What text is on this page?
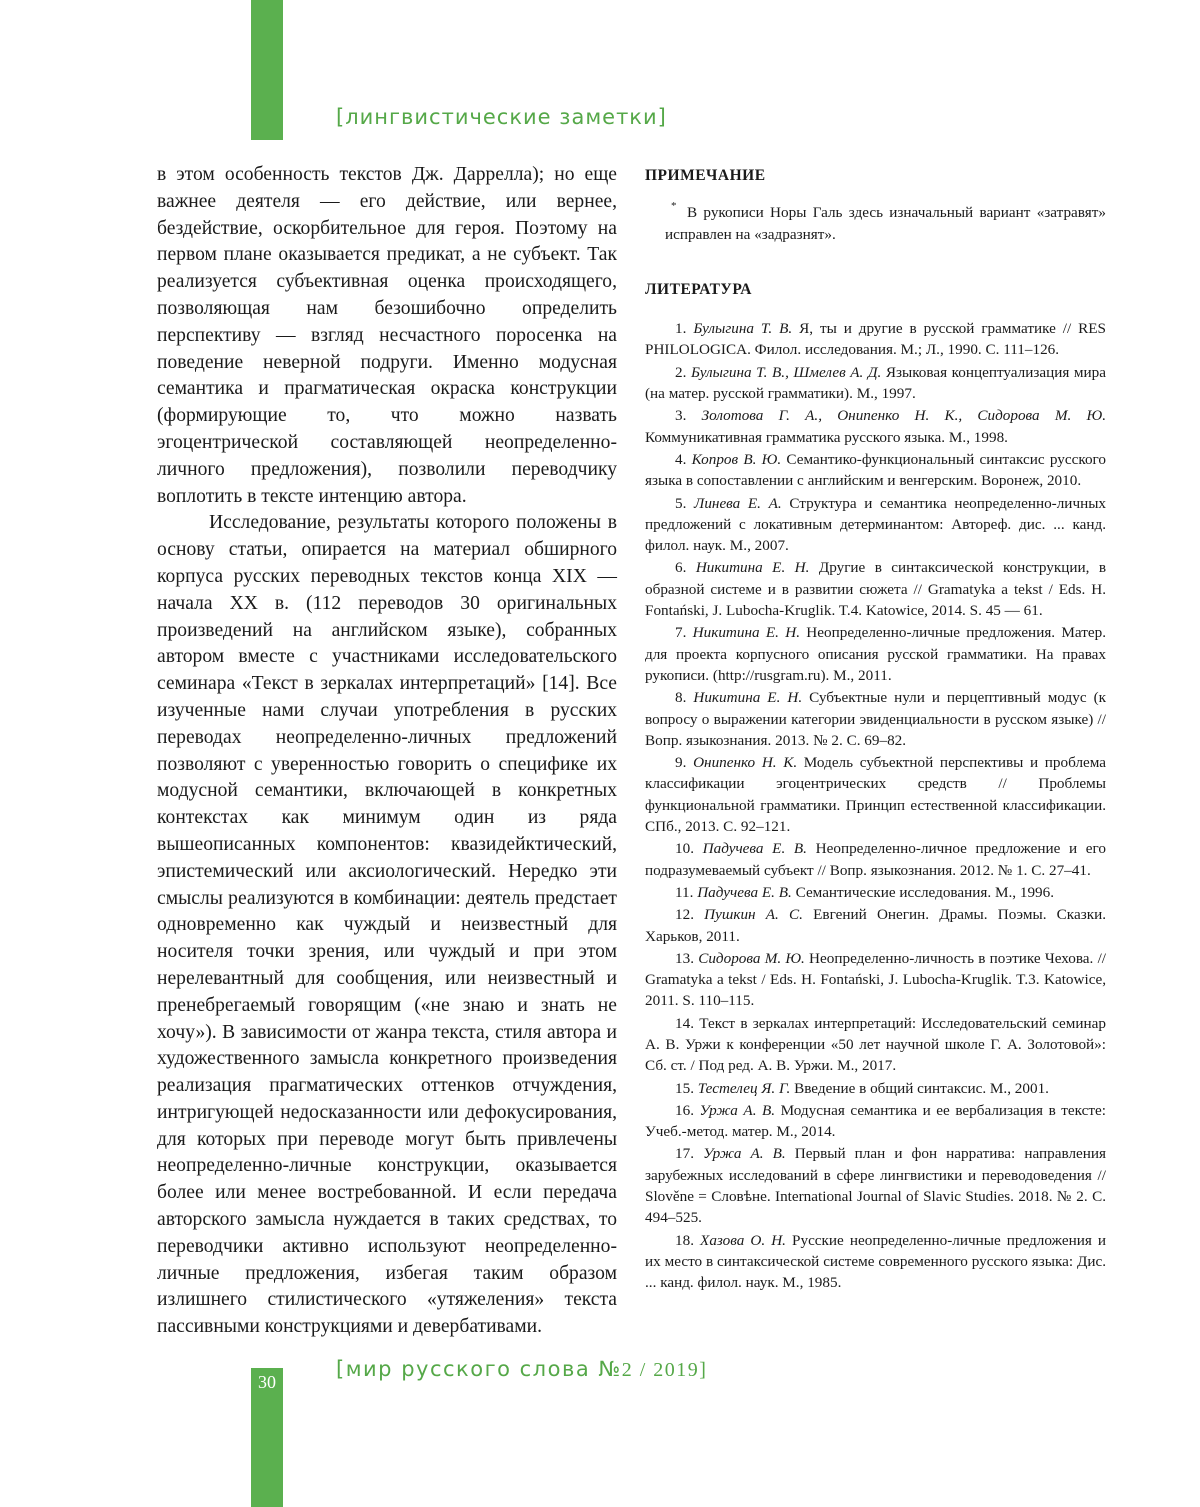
[лингвистические заметки]

в этом особенность текстов Дж. Даррелла); но еще важнее деятеля — его действие, или вернее, бездействие, оскорбительное для героя. Поэтому на первом плане оказывается предикат, а не субъект. Так реализуется субъективная оценка происходящего, позволяющая нам безошибочно определить перспективу — взгляд несчастного поросенка на поведение неверной подруги. Именно модусная семантика и прагматическая окраска конструкции (формирующие то, что можно назвать эгоцентрической составляющей неопределенно-личного предложения), позволили переводчику воплотить в тексте интенцию автора.

Исследование, результаты которого положены в основу статьи, опирается на материал обширного корпуса русских переводных текстов конца XIX — начала XX в. (112 переводов 30 оригинальных произведений на английском языке), собранных автором вместе с участниками исследовательского семинара «Текст в зеркалах интерпретаций» [14]. Все изученные нами случаи употребления в русских переводах неопределенно-личных предложений позволяют с уверенностью говорить о специфике их модусной семантики, включающей в конкретных контекстах как минимум один из ряда вышеописанных компонентов: квазидейктический, эпистемический или аксиологический. Нередко эти смыслы реализуются в комбинации: деятель предстает одновременно как чуждый и неизвестный для носителя точки зрения, или чуждый и при этом нерелевантный для сообщения, или неизвестный и пренебрегаемый говорящим («не знаю и знать не хочу»). В зависимости от жанра текста, стиля автора и художественного замысла конкретного произведения реализация прагматических оттенков отчуждения, интригующей недосказанности или дефокусирования, для которых при переводе могут быть привлечены неопределенно-личные конструкции, оказывается более или менее востребованной. И если передача авторского замысла нуждается в таких средствах, то переводчики активно используют неопределенно-личные предложения, избегая таким образом излишнего стилистического «утяжеления» текста пассивными конструкциями и девербативами.

ПРИМЕЧАНИЕ
* В рукописи Норы Галь здесь изначальный вариант «затравят» исправлен на «задразнят».
ЛИТЕРАТУРА

1. Булыгина Т. В. Я, ты и другие в русской грамматике // RES PHILOLOGICA. Филол. исследования. М.; Л., 1990. С. 111–126.

2. Булыгина Т. В., Шмелев А. Д. Языковая концептуализация мира (на матер. русской грамматики). М., 1997.

3. Золотова Г. А., Онипенко Н. К., Сидорова М. Ю. Коммуникативная грамматика русского языка. М., 1998.

4. Копров В. Ю. Семантико-функциональный синтаксис русского языка в сопоставлении с английским и венгерским. Воронеж, 2010.

5. Линева Е. А. Структура и семантика неопределенно-личных предложений с локативным детерминантом: Автореф. дис. ... канд. филол. наук. М., 2007.

6. Никитина Е. Н. Другие в синтаксической конструкции, в образной системе и в развитии сюжета // Gramatyka a tekst / Eds. H. Fontański, J. Lubocha-Kruglik. T.4. Katowice, 2014. S. 45 — 61.

7. Никитина Е. Н. Неопределенно-личные предложения. Матер. для проекта корпусного описания русской грамматики. На правах рукописи. (http://rusgram.ru). М., 2011.

8. Никитина Е. Н. Субъектные нули и перцептивный модус (к вопросу о выражении категории эвиденциальности в русском языке) // Вопр. языкознания. 2013. № 2. С. 69–82.

9. Онипенко Н. К. Модель субъектной перспективы и проблема классификации эгоцентрических средств // Проблемы функциональной грамматики. Принцип естественной классификации. СПб., 2013. С. 92–121.

10. Падучева Е. В. Неопределенно-личное предложение и его подразумеваемый субъект // Вопр. языкознания. 2012. № 1. С. 27–41.

11. Падучева Е. В. Семантические исследования. М., 1996.

12. Пушкин А. С. Евгений Онегин. Драмы. Поэмы. Сказки. Харьков, 2011.

13. Сидорова М. Ю. Неопределенно-личность в поэтике Чехова. // Gramatyka a tekst / Eds. H. Fontański, J. Lubocha-Kruglik. T.3. Katowice, 2011. S. 110–115.

14. Текст в зеркалах интерпретаций: Исследовательский семинар А. В. Уржи к конференции «50 лет научной школе Г. А. Золотовой»: Сб. ст. / Под ред. А. В. Уржи. М., 2017.

15. Тестелец Я. Г. Введение в общий синтаксис. М., 2001.

16. Уржа А. В. Модусная семантика и ее вербализация в тексте: Учеб.-метод. матер. М., 2014.

17. Уржа А. В. Первый план и фон нарратива: направления зарубежных исследований в сфере лингвистики и переводоведения // Slověne = Словѣне. International Journal of Slavic Studies. 2018. № 2. С. 494–525.

18. Хазова О. Н. Русские неопределенно-личные предложения и их место в синтаксической системе современного русского языка: Дис. ... канд. филол. наук. М., 1985.

30
[мир русского слова №2 / 2019]
